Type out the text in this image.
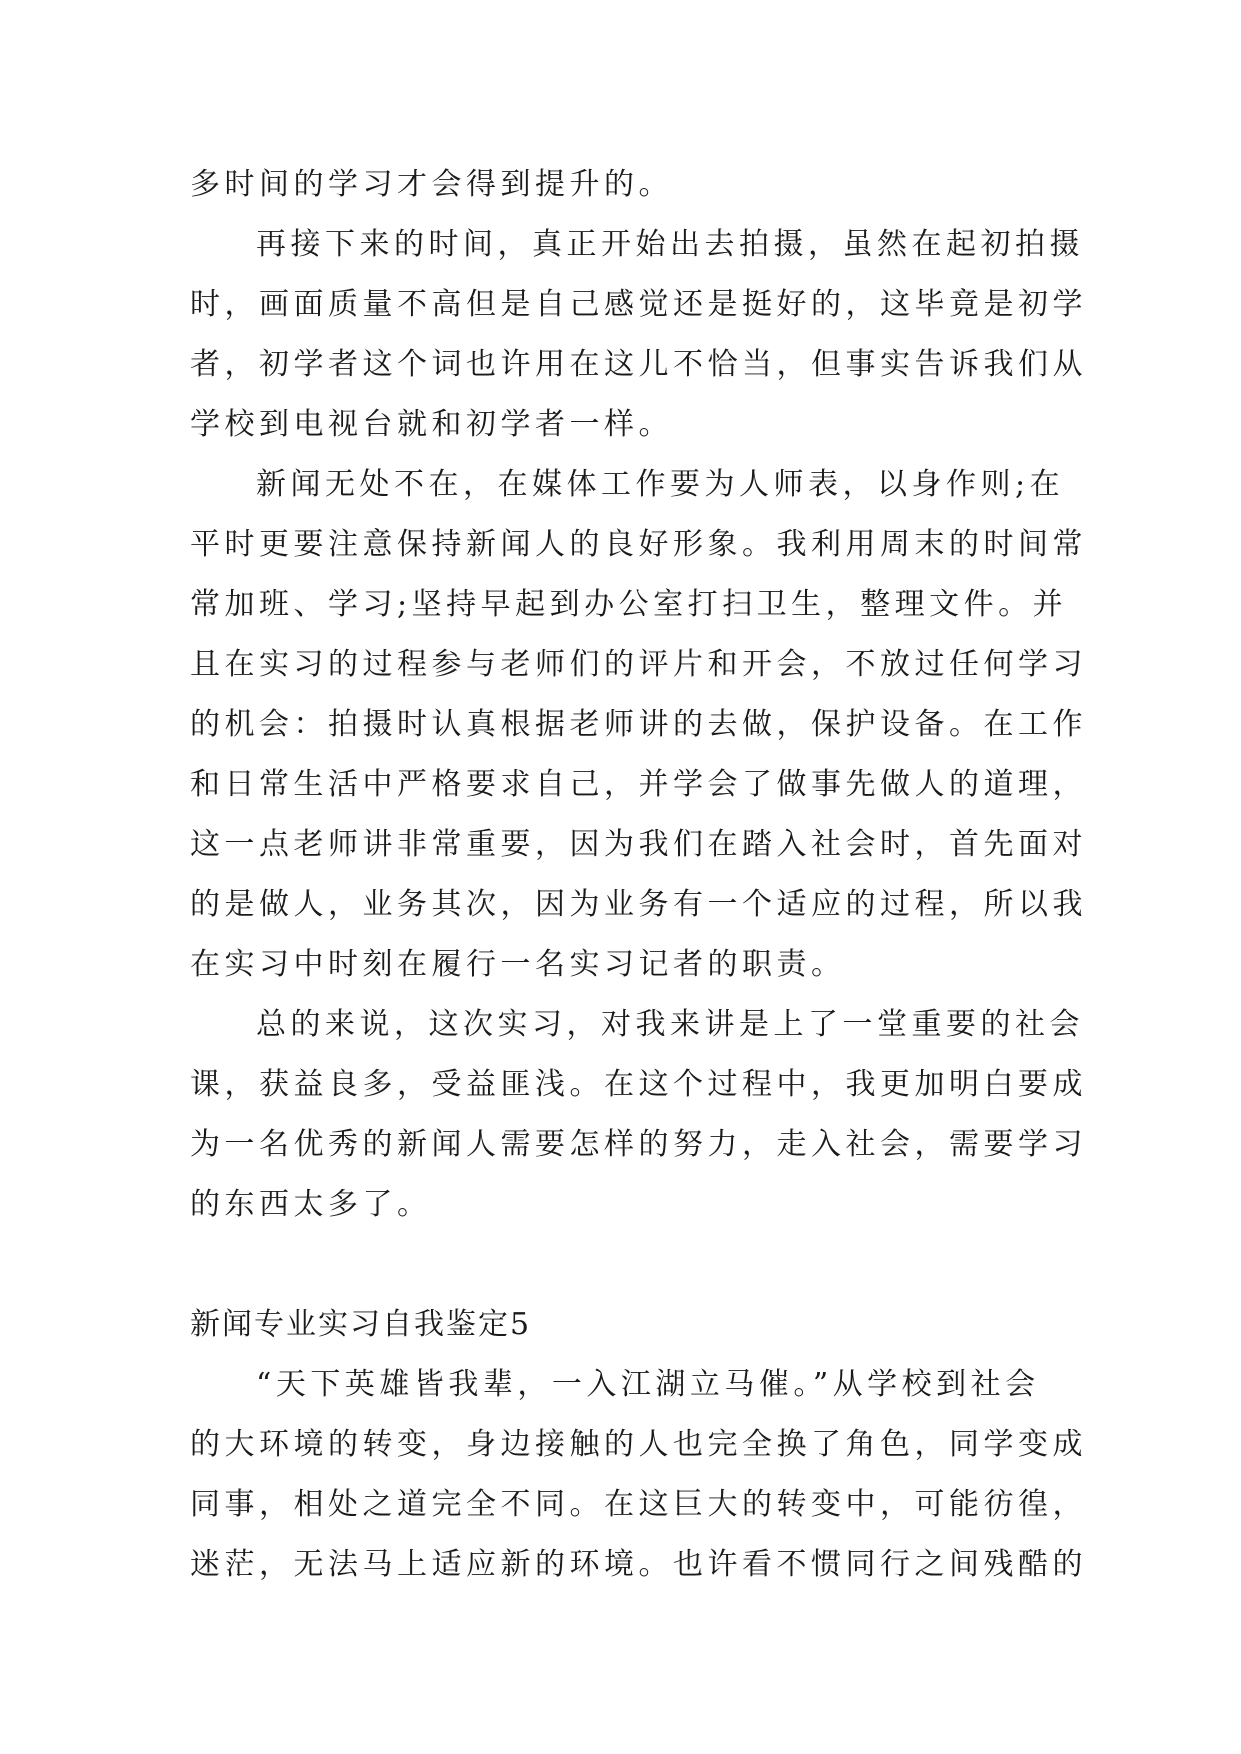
多时间的学习才会得到提升的。
再接下来的时间，真正开始出去拍摄，虽然在起初拍摄
时，画面质量不高但是自己感觉还是挺好的，这毕竟是初学
者，初学者这个词也许用在这儿不恰当，但事实告诉我们从
学校到电视台就和初学者一样。
新闻无处不在，在媒体工作要为人师表，以身作则;在
平时更要注意保持新闻人的良好形象。我利用周末的时间常
常加班、学习;坚持早起到办公室打扫卫生，整理文件。并
且在实习的过程参与老师们的评片和开会，不放过任何学习
的机会：拍摄时认真根据老师讲的去做，保护设备。在工作
和日常生活中严格要求自己，并学会了做事先做人的道理，
这一点老师讲非常重要，因为我们在踏入社会时，首先面对
的是做人，业务其次，因为业务有一个适应的过程，所以我
在实习中时刻在履行一名实习记者的职责。
总的来说，这次实习，对我来讲是上了一堂重要的社会
课，获益良多，受益匪浅。在这个过程中，我更加明白要成
为一名优秀的新闻人需要怎样的努力，走入社会，需要学习
的东西太多了。
新闻专业实习自我鉴定5
“天下英雄皆我辈，一入江湖立马催。”从学校到社会
的大环境的转变，身边接触的人也完全换了角色，同学变成
同事，相处之道完全不同。在这巨大的转变中，可能彷徨，
迷茫，无法马上适应新的环境。也许看不惯同行之间残酷的
